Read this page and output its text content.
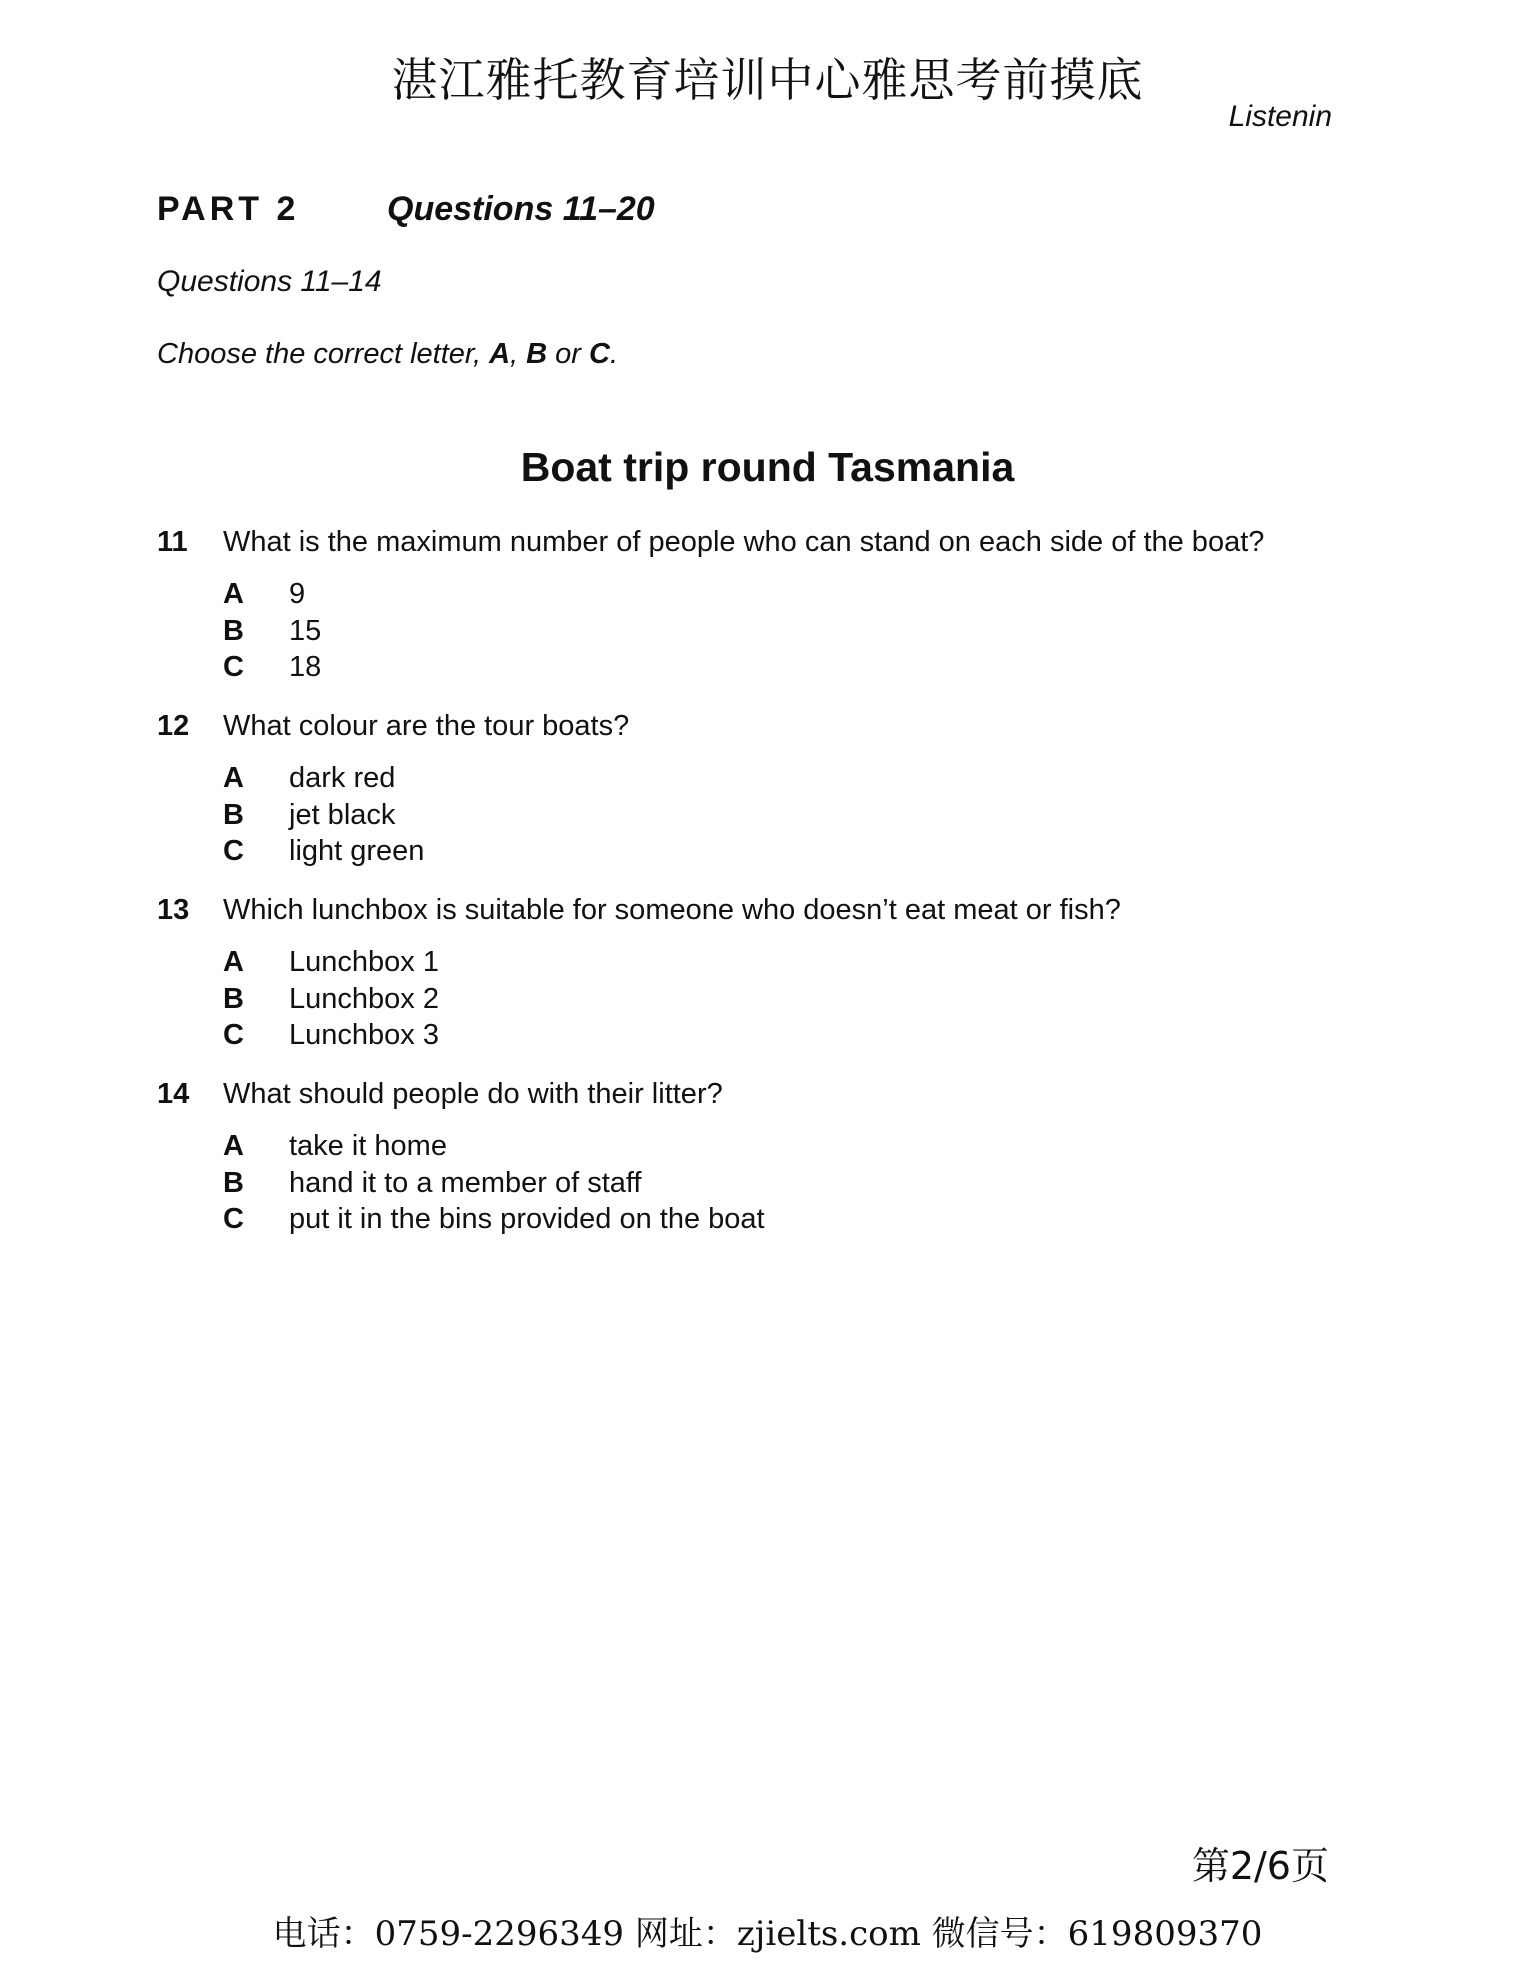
湛江雅托教育培训中心雅思考前摸底
Listenin
PART 2	Questions 11–20
Questions 11–14
Choose the correct letter, A, B or C.
Boat trip round Tasmania
11 What is the maximum number of people who can stand on each side of the boat?
A 9
B 15
C 18
12 What colour are the tour boats?
A dark red
B jet black
C light green
13 Which lunchbox is suitable for someone who doesn’t eat meat or fish?
A Lunchbox 1
B Lunchbox 2
C Lunchbox 3
14 What should people do with their litter?
A take it home
B hand it to a member of staff
C put it in the bins provided on the boat
第2/6页
电话：0759-2296349 网址：zjielts.com 微信号：619809370
